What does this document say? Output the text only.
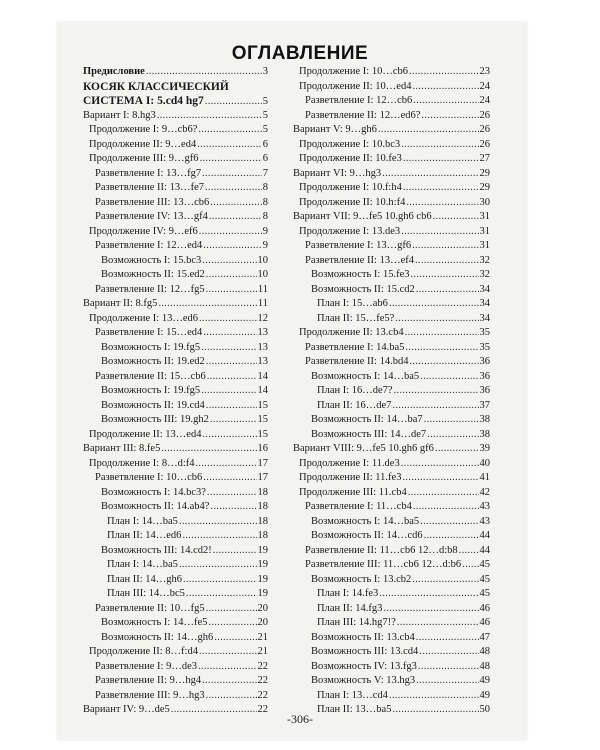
ОГЛАВЛЕНИЕ
Предисловие .....	3
КОСЯК КЛАССИЧЕСКИЙ
СИСТЕМА I: 5.cd4 hg7 .....	5
Вариант I: 8.hg3 .....	5
Продолжение I: 9…cb6? .....	5
Продолжение II: 9…ed4 .....	6
Продолжение III: 9…gf6 .....	6
Разветвление I: 13…fg7 .....	7
Разветвление II: 13…fe7 .....	8
Разветвление III: 13…cb6 .....	8
Разветвление IV: 13…gf4 .....	8
Продолжение IV: 9…ef6 .....	9
Разветвление I: 12…ed4 .....	9
Возможность I: 15.bc3 .....	10
Возможность II: 15.ed2 .....	10
Разветвление II: 12…fg5 .....	11
Вариант II: 8.fg5 .....	11
Продолжение I: 13…ed6 .....	12
Разветвление I: 15…ed4 .....	13
Возможность I: 19.fg5 .....	13
Возможность II: 19.ed2 .....	13
Разветвление II: 15…cb6 .....	14
Возможность I: 19.fg5 .....	14
Возможность II: 19.cd4 .....	15
Возможность III: 19.gh2 .....	15
Продолжение II: 13…ed4 .....	15
Вариант III: 8.fe5 .....	16
Продолжение I: 8…d:f4 .....	17
Разветвление I: 10…cb6 .....	17
Возможность I: 14.bc3? .....	18
Возможность II: 14.ab4? .....	18
План I: 14…ba5 .....	18
План II: 14…ed6 .....	18
Возможность III: 14.cd2! .....	19
План I: 14…ba5 .....	19
План II: 14…gh6 .....	19
План III: 14…bc5 .....	19
Разветвление II: 10…fg5 .....	20
Возможность I: 14…fe5 .....	20
Возможность II: 14…gh6 .....	21
Продолжение II: 8…f:d4 .....	21
Разветвление I: 9…de3 .....	22
Разветвление II: 9…hg4 .....	22
Разветвление III: 9…hg3 .....	22
Вариант IV: 9…de5 .....	22
Продолжение I: 10…cb6 .....	23
Продолжение II: 10…ed4 .....	24
Разветвление I: 12…cb6 .....	24
Разветвление II: 12…ed6? .....	26
Вариант V: 9…gh6 .....	26
Продолжение I: 10.bc3 .....	26
Продолжение II: 10.fe3 .....	27
Вариант VI: 9…hg3 .....	29
Продолжение I: 10.f:h4 .....	29
Продолжение II: 10.h:f4 .....	30
Вариант VII: 9…fe5 10.gh6 cb6 .....	31
Продолжение I: 13.de3 .....	31
Разветвление I: 13…gf6 .....	31
Разветвление II: 13…ef4 .....	32
Возможность I: 15.fe3 .....	32
Возможность II: 15.cd2 .....	34
План I: 15…ab6 .....	34
План II: 15…fe5? .....	34
Продолжение II: 13.cb4 .....	35
Разветвление I: 14.ba5 .....	35
Разветвление II: 14.bd4 .....	36
Возможность I: 14…ba5 .....	36
План I: 16…de7? .....	36
План II: 16…de7 .....	37
Возможность II: 14…ba7 .....	38
Возможность III: 14…de7 .....	38
Вариант VIII: 9…fe5 10.gh6 gf6 .....	39
Продолжение I: 11.de3 .....	40
Продолжение II: 11.fe3 .....	41
Продолжение III: 11.cb4 .....	42
Разветвление I: 11…cb4 .....	43
Возможность I: 14…ba5 .....	43
Возможность II: 14…cd6 .....	44
Разветвление II: 11…cb6 12…d:b8 ..... 44
Разветвление III: 11…cb6 12…d:b6 ..... 45
Возможность I: 13.cb2 .....	45
План I: 14.fe3 .....	45
План II: 14.fg3 .....	46
План III: 14.hg7!? .....	46
Возможность II: 13.cb4 .....	47
Возможность III: 13.cd4 .....	48
Возможность IV: 13.fg3 .....	48
Возможность V: 13.hg3 .....	49
План I: 13…cd4 .....	49
План II: 13…ba5 .....	50
-306-
